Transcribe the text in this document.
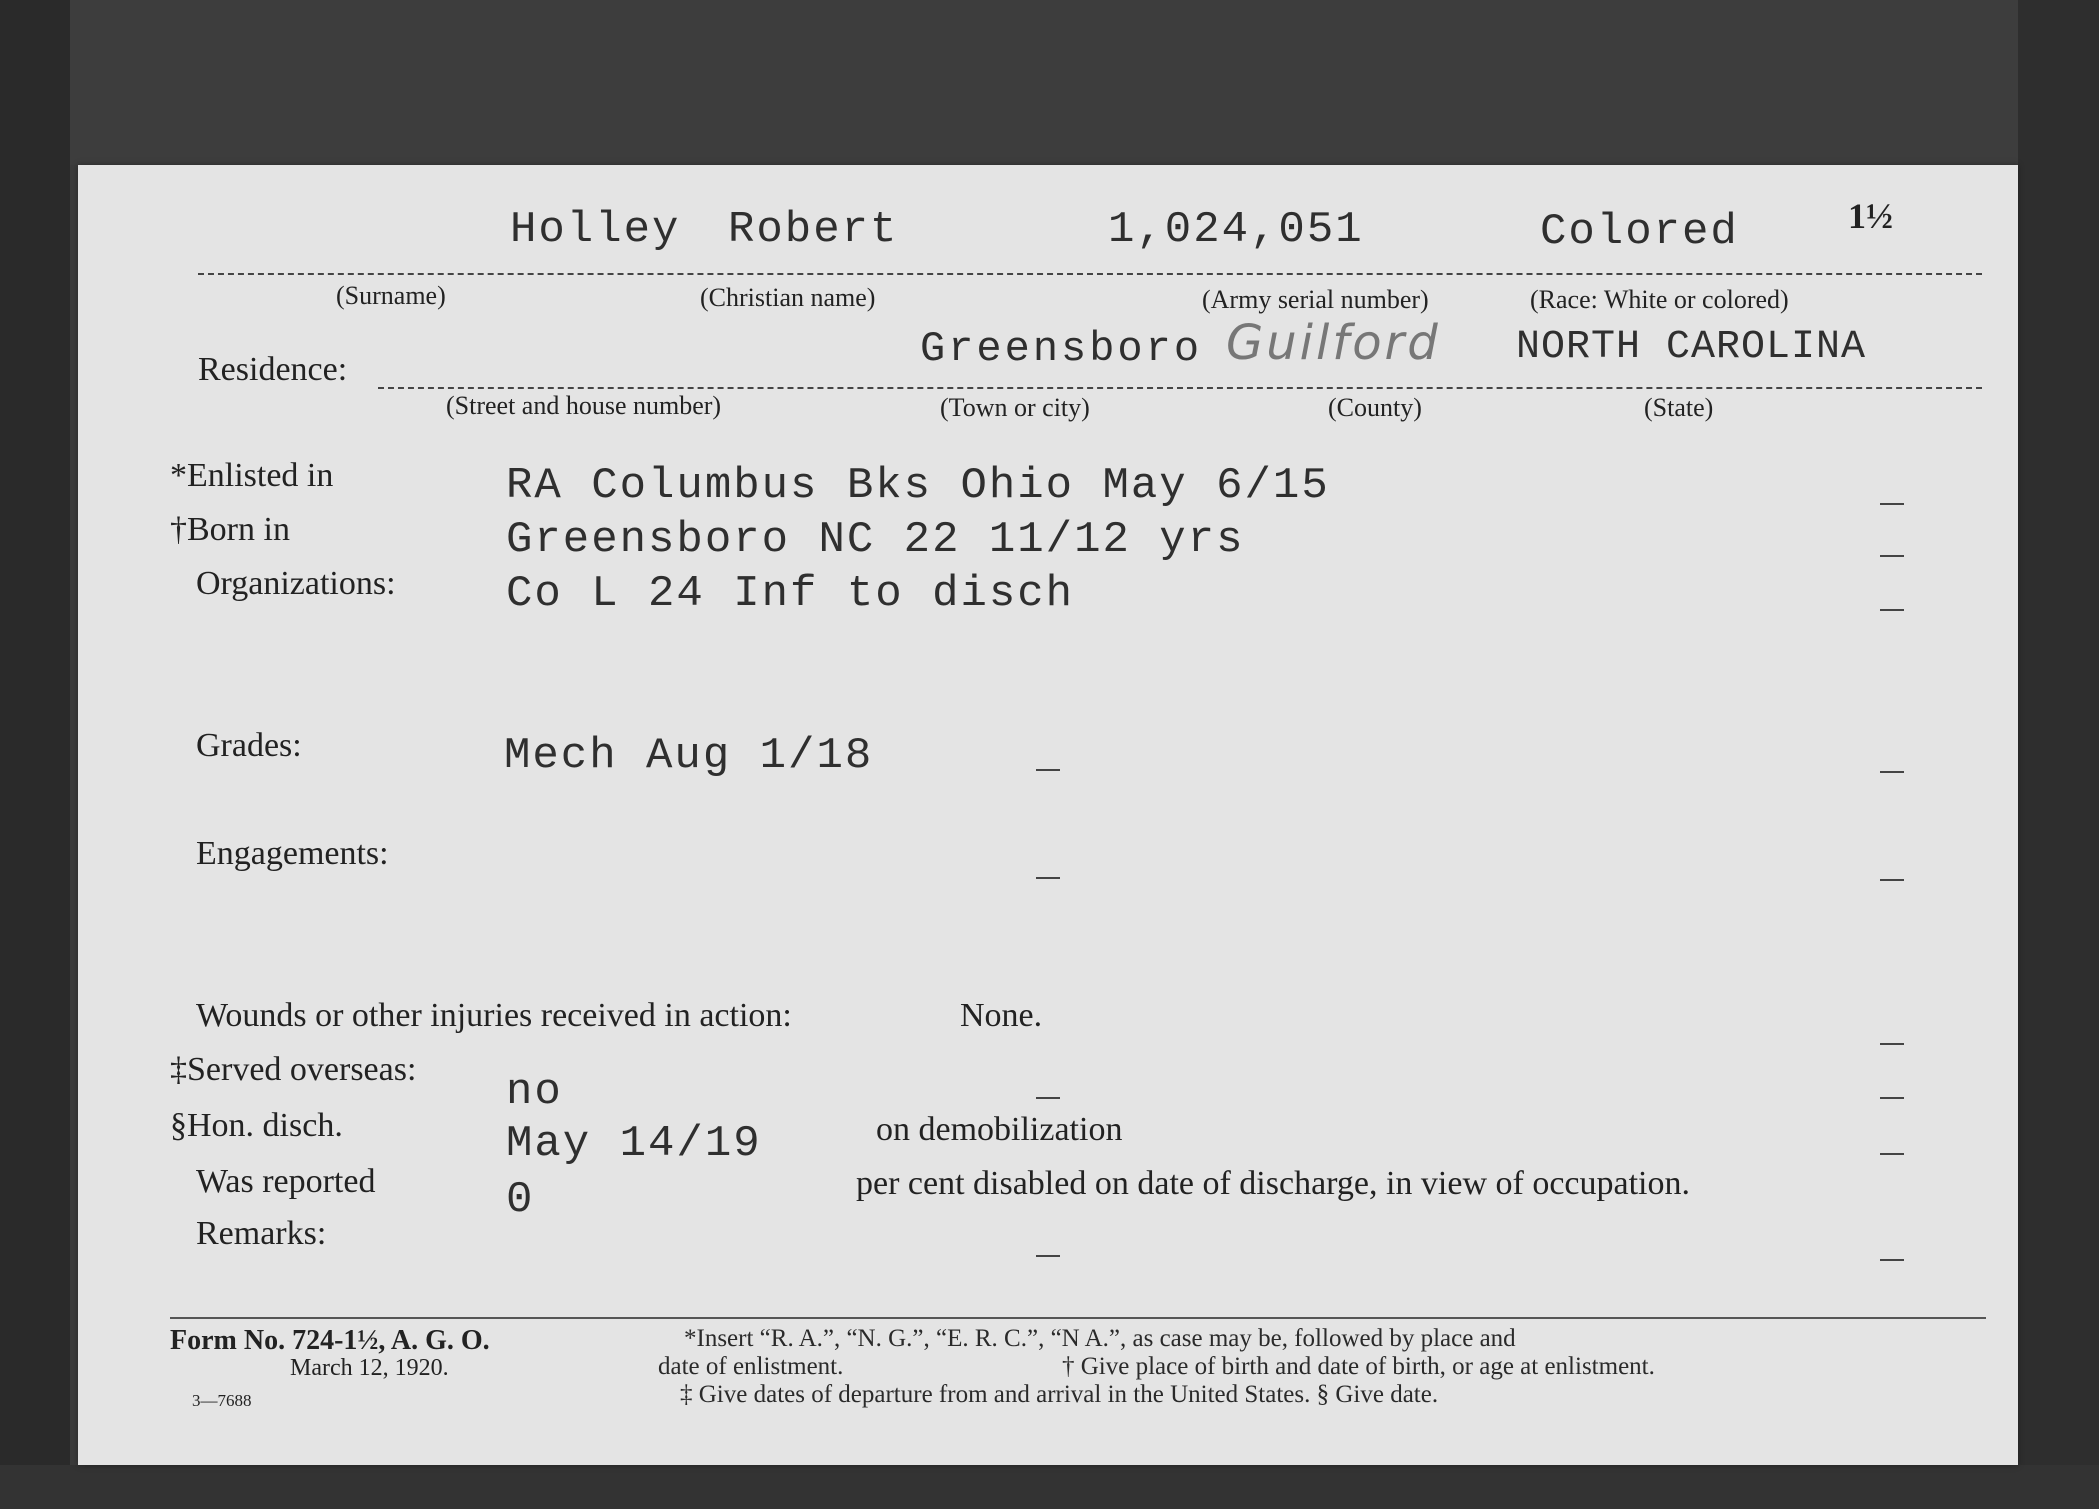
Holley Robert	1,024,051	Colored	1½
(Surname)	(Christian name)	(Army serial number)	(Race: White or colored)
Residence:	Greensboro Guilford NORTH CAROLINA
(Street and house number)	(Town or city)	(County)	(State)
*Enlisted in	RA Columbus Bks Ohio May 6/15
†Born in	Greensboro NC 22 11/12 yrs
Organizations:	Co L 24 Inf to disch
Grades:	Mech Aug 1/18
Engagements:
Wounds or other injuries received in action:	None.
‡Served overseas: no
§Hon. disch.	May 14/19	on demobilization
Was reported	0	per cent disabled on date of discharge, in view of occupation.
Remarks:
Form No. 724-1½, A. G. O.
March 12, 1920.
3—7688
*Insert “R. A.”, “N. G.”, “E. R. C.”, “N A.”, as case may be, followed by place and
date of enlistment.	† Give place of birth and date of birth, or age at enlistment.
‡ Give dates of departure from and arrival in the United States. § Give date.
